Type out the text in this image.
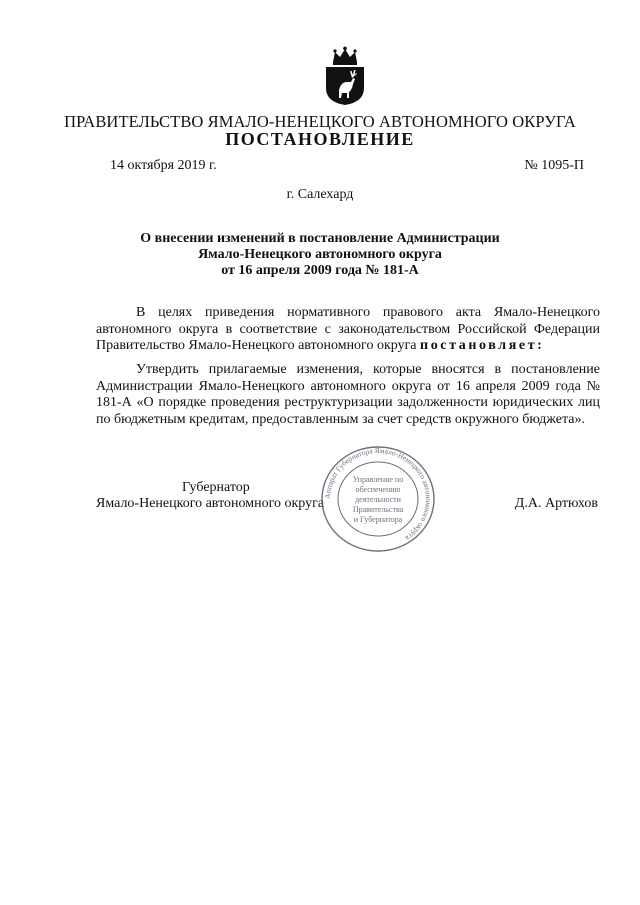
ПРАВИТЕЛЬСТВО ЯМАЛО-НЕНЕЦКОГО АВТОНОМНОГО ОКРУГА
ПОСТАНОВЛЕНИЕ
14 октября 2019 г.	№ 1095-П
г. Салехард
О внесении изменений в постановление Администрации
Ямало-Ненецкого автономного округа
от 16 апреля 2009 года № 181-А
В целях приведения нормативного правового акта Ямало-Ненецкого автономного округа в соответствие с законодательством Российской Федерации Правительство Ямало-Ненецкого автономного округа постановляет:
Утвердить прилагаемые изменения, которые вносятся в постановление Администрации Ямало-Ненецкого автономного округа от 16 апреля 2009 года № 181-А «О порядке проведения реструктуризации задолженности юридических лиц по бюджетным кредитам, предоставленным за счет средств окружного бюджета».
Губернатор
Ямало-Ненецкого автономного округа	Д.А. Артюхов
Аппарат Губернатора Ямало-Ненецкого автономного округа
Управление по
обеспечению
деятельности
Правительства
и Губернатора
